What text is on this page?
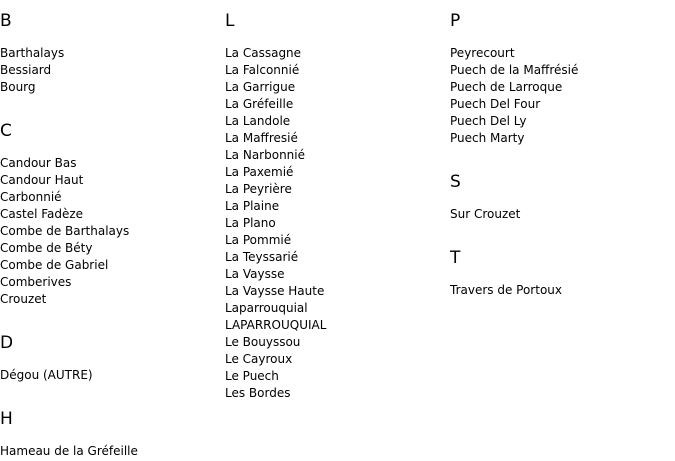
B
Barthalays
Bessiard
Bourg
C
Candour Bas
Candour Haut
Carbonnié
Castel Fadèze
Combe de Barthalays
Combe de Béty
Combe de Gabriel
Comberives
Crouzet
D
Dégou (AUTRE)
H
Hameau de la Gréfeille
L
La Cassagne
La Falconnié
La Garrigue
La Gréfeille
La Landole
La Maffresié
La Narbonnié
La Paxemié
La Peyrière
La Plaine
La Plano
La Pommié
La Teyssarié
La Vaysse
La Vaysse Haute
Laparrouquial
LAPARROUQUIAL
Le Bouyssou
Le Cayroux
Le Puech
Les Bordes
P
Peyrecourt
Puech de la Maffrésié
Puech de Larroque
Puech Del Four
Puech Del Ly
Puech Marty
S
Sur Crouzet
T
Travers de Portoux
